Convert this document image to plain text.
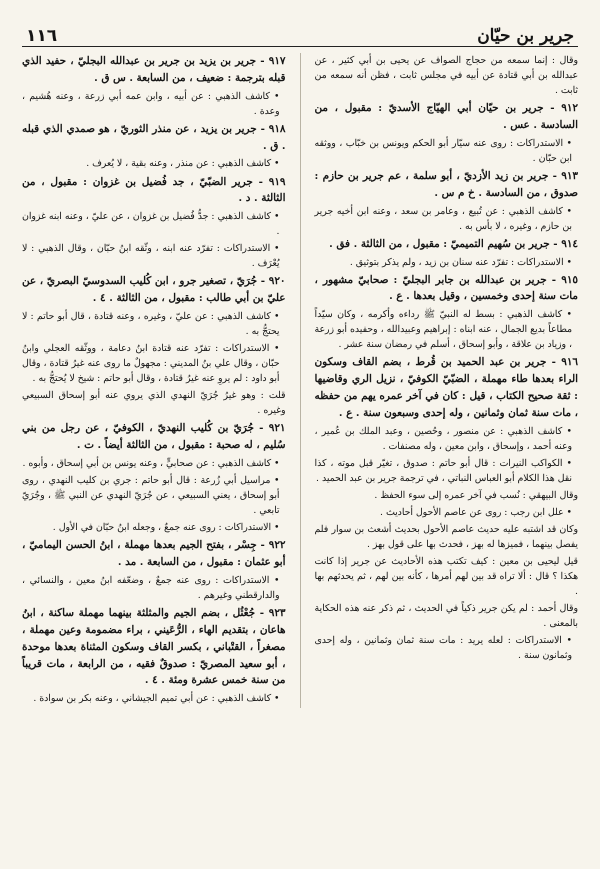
جرير بن حيّان
١١٦

وقال : إنما سمعه من حجاج الصواف عن يحيى بن أبي كثير ، عن عبدالله بن أبي قتادة عن أبيه في مجلس ثابت ، فظن أنه سمعه من ثابت .

٩١٢ - جرير بن حيّان أبي الهيّاج الأسديّ : مقبول ، من السادسة . عس .

• الاستدراكات : روى عنه سيّار أبو الحكم ويونس بن خبّاب ، ووثقه ابن حبّان .

٩١٣ - جرير بن زيد الأزديّ ، أبو سلمة ، عم جرير بن حازم : صدوق ، من السادسة . خ م س .

• كاشف الذهبي : عن تُبيع ، وعامر بن سعد ، وعنه ابن أخيه جرير بن حازم ، وغيره ، لا بأس به .

٩١٤ - جرير بن سُهيم التميميّ : مقبول ، من الثالثة . فق .

• الاستدراكات : تفرّد عنه سنان بن زيد ، ولم يذكر بتوثيق .

٩١٥ - جرير بن عبدالله بن جابر البجليّ : صحابيّ مشهور ، مات سنة إحدى وخمسين ، وقيل بعدها . ع .

• كاشف الذهبي : بسط له النبيّ ﷺ رداءه وأكرمه ، وكان سيّداً مطاعاً بديع الجمال ، عنه ابناه : إبراهيم وعبيدالله ، وحفيده أبو زرعة ، وزياد بن علاقة ، وأبو إسحاق ، أسلم في رمضان سنة عشر .

٩١٦ - جرير بن عبد الحميد بن قُرط ، بضم القاف وسكون الراء بعدها طاء مهملة ، الضبّيّ الكوفيّ ، نزيل الري وقاضيها : ثقة صحيح الكتاب ، قيل : كان في آخر عمره يهم من حفظه ، مات سنة ثمان وثمانين ، وله إحدى وسبعون سنة . ع .

• كاشف الذهبي : عن منصور ، وحُصين ، وعبد الملك بن عُمير ، وعنه أحمد ، وإسحاق ، وابن معين ، وله مصنفات .

• الكواكب النيرات : قال أبو حاتم : صدوق ، تغيّر قبل موته ، كذا نقل هذا الكلام أبو العباس النباتي ، في ترجمة جرير بن عبد الحميد .

وقال البيهقي : نُسب في آخر عمره إلى سوء الحفظ .

• علل ابن رجب : روى عن عاصم الأحول أحاديث .

وكان قد اشتبه عليه حديث عاصم الأحول بحديث أشعث بن سوار فلم يفصل بينهما ، فميزها له بهز ، فحدث بها على قول بهز .

قيل ليحيى بن معين : كيف تكتب هذه الأحاديث عن جرير إذا كانت هكذا ؟ قال : ألا تراه قد بين لهم أمرها ، كأنه بين لهم ، ثم يحدثهم بها .

وقال أحمد : لم يكن جرير ذكياً في الحديث ، ثم ذكر عنه هذه الحكاية بالمعنى .

• الاستدراكات : لعله يريد : مات سنة ثمان وثمانين ، وله إحدى وثمانون سنة .

٩١٧ - جرير بن يزيد بن جرير بن عبدالله البجليّ ، حفيد الذي قبله بترجمة : ضعيف ، من السابعة . س ق .

• كاشف الذهبي : عن أبيه ، وابن عمه أبي زرعة ، وعنه هُشيم ، وعدة .

٩١٨ - جرير بن يزيد ، عن منذر الثوريّ ، هو صمدي الذي قبله . ق .

• كاشف الذهبي : عن منذر ، وعنه بقية ، لا يُعرف .

٩١٩ - جرير الضبّيّ ، جد فُضيل بن غزوان : مقبول ، من الثالثة . د .

• كاشف الذهبي : جدُّ فُضيل بن غزوان ، عن عليّ ، وعنه ابنه غزوان .

• الاستدراكات : تفرّد عنه ابنه ، وثّقه ابنُ حبّان ، وقال الذهبي : لا يُعْرَف .

٩٢٠ - جُرَيّ ، تصغير جرو ، ابن كُليب السدوسيّ البصريّ ، عن عليّ بن أبي طالب : مقبول ، من الثالثة . ٤ .

• كاشف الذهبي : عن عليّ ، وغيره ، وعنه قتادة ، قال أبو حاتم : لا يحتجُّ به .

• الاستدراكات : تفرّد عنه قتادة ابنُ دعامة ، ووثّقه العجلي وابنُ حبّان ، وقال علي بنُ المديني : مجهولٌ ما روى عنه غيرُ قتادة ، وقال أبو داود : لم يروِ عنه غيرُ قتادة ، وقال أبو حاتم : شيخ لا يُحتجُّ به .

قلت : وهو غيرُ جُرَيّ النهدي الذي يروي عنه أبو إسحاق السبيعي وغيره .

٩٢١ - جُرَيّ بن كُليب النهديّ ، الكوفيّ ، عن رجل من بني سُليم ، له صحبة : مقبول ، من الثالثة أيضاً . ت .

• كاشف الذهبي : عن صحابيٍّ ، وعنه يونس بن أبي إسحاق ، وأبوه .

• مراسيل أبي زُرعة : قال أبو حاتم : جري بن كليب النهدي ، روى أبو إسحاق ، يعني السبيعي ، عن جُرَيّ النهدي عن النبي ﷺ ، وجُرَيّ تابعي .

• الاستدراكات : روى عنه جمعٌ ، وجعله ابنُ حبّان في الأول .

٩٢٢ - جِسْر ، بفتح الجيم بعدها مهملة ، ابنُ الحسن اليماميّ ، أبو عثمان : مقبول ، من السابعة . مد .

• الاستدراكات : روى عنه جمعٌ ، وضعّفه ابنُ معين ، والنسائي ، والدارقطني وغيرهم .

٩٢٣ - جُعْثُل ، بضم الجيم والمثلثة بينهما مهملة ساكنة ، ابنُ هاعان ، بتقديم الهاء ، الرُّعَيني ، براء مضمومة وعين مهملة ، مصغراً ، القتْباني ، بكسر القاف وسكون المثناة بعدها موحدة ، أبو سعيد المصريّ : صدوقٌ فقيه ، من الرابعة ، مات قريباً من سنة خمس عشرة ومئة . ٤ .

• كاشف الذهبي : عن أبي تميم الجيشاني ، وعنه بكر بن سوادة .
